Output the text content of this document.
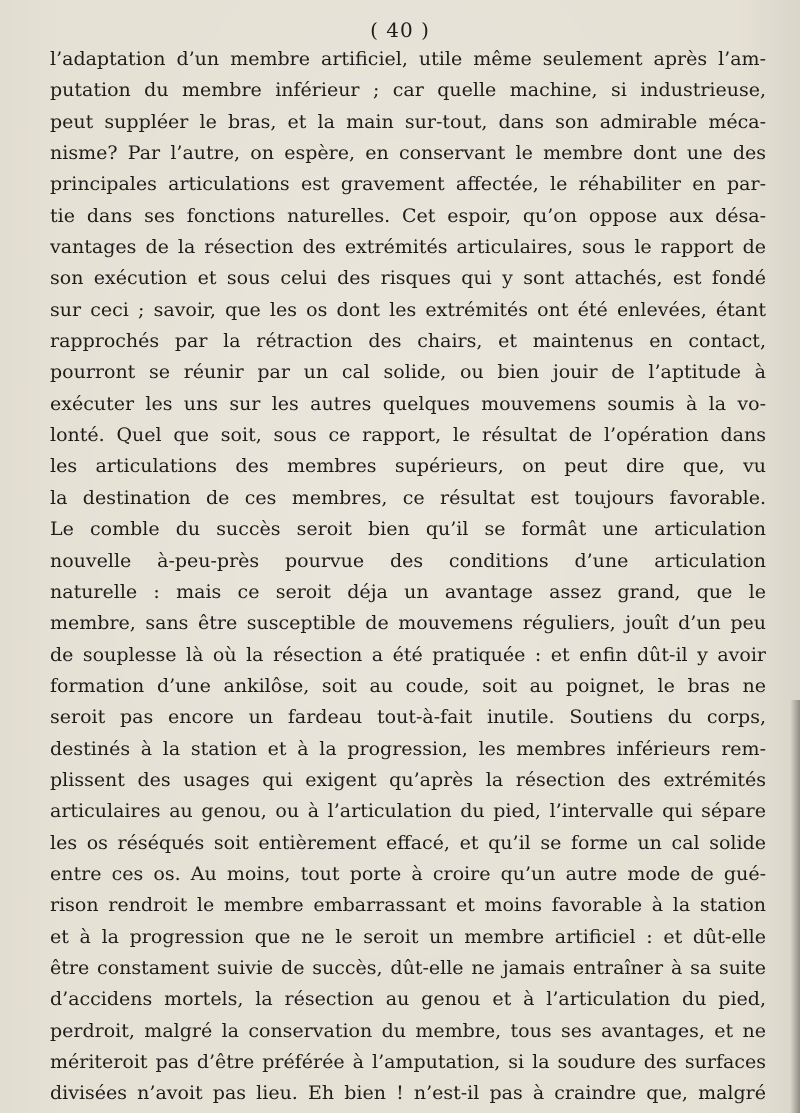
( 40 )
l’adaptation d’un membre artificiel, utile même seulement après l’am-
putation du membre inférieur ; car quelle machine, si industrieuse,
peut suppléer le bras, et la main sur-tout, dans son admirable méca-
nisme? Par l’autre, on espère, en conservant le membre dont une des
principales articulations est gravement affectée, le réhabiliter en par-
tie dans ses fonctions naturelles. Cet espoir, qu’on oppose aux désa-
vantages de la résection des extrémités articulaires, sous le rapport de
son exécution et sous celui des risques qui y sont attachés, est fondé
sur ceci ; savoir, que les os dont les extrémités ont été enlevées, étant
rapprochés par la rétraction des chairs, et maintenus en contact,
pourront se réunir par un cal solide, ou bien jouir de l’aptitude à
exécuter les uns sur les autres quelques mouvemens soumis à la vo-
lonté. Quel que soit, sous ce rapport, le résultat de l’opération dans
les articulations des membres supérieurs, on peut dire que, vu
la destination de ces membres, ce résultat est toujours favorable.
Le comble du succès seroit bien qu’il se formât une articulation
nouvelle à-peu-près pourvue des conditions d’une articulation
naturelle : mais ce seroit déja un avantage assez grand, que le
membre, sans être susceptible de mouvemens réguliers, jouît d’un peu
de souplesse là où la résection a été pratiquée : et enfin dût-il y avoir
formation d’une ankilôse, soit au coude, soit au poignet, le bras ne
seroit pas encore un fardeau tout-à-fait inutile. Soutiens du corps,
destinés à la station et à la progression, les membres inférieurs rem-
plissent des usages qui exigent qu’après la résection des extrémités
articulaires au genou, ou à l’articulation du pied, l’intervalle qui sépare
les os réséqués soit entièrement effacé, et qu’il se forme un cal solide
entre ces os. Au moins, tout porte à croire qu’un autre mode de gué-
rison rendroit le membre embarrassant et moins favorable à la station
et à la progression que ne le seroit un membre artificiel : et dût-elle
être constament suivie de succès, dût-elle ne jamais entraîner à sa suite
d’accidens mortels, la résection au genou et à l’articulation du pied,
perdroit, malgré la conservation du membre, tous ses avantages, et ne
mériteroit pas d’être préférée à l’amputation, si la soudure des surfaces
divisées n’avoit pas lieu. Eh bien ! n’est-il pas à craindre que, malgré
